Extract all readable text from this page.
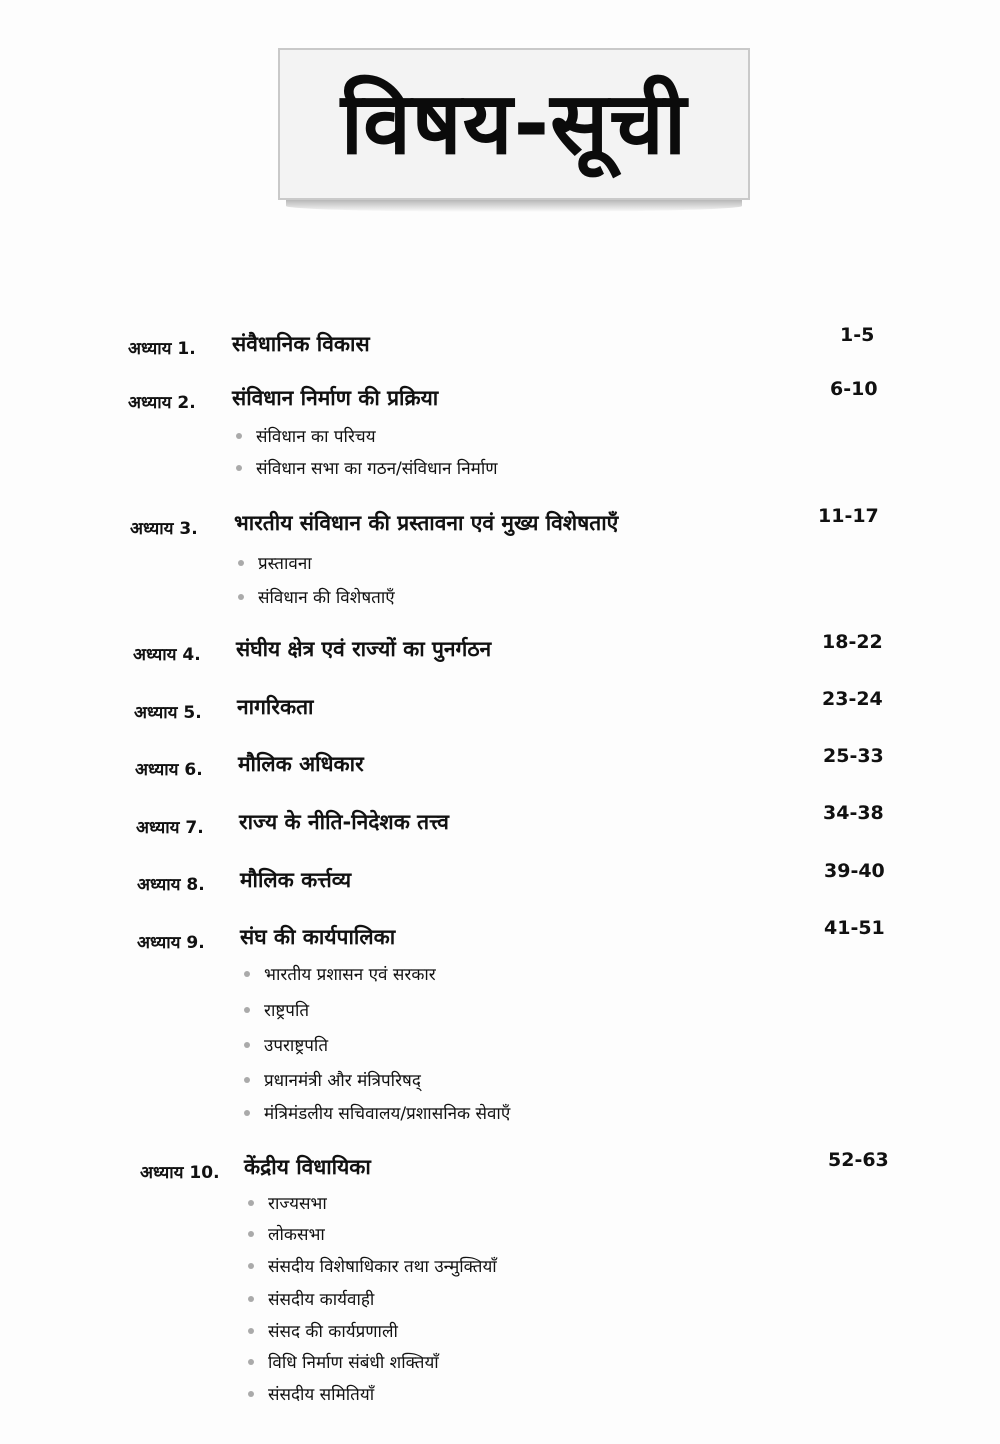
विषय-सूची
अध्याय 1. संवैधानिक विकास	1-5
अध्याय 2. संविधान निर्माण की प्रक्रिया	6-10
संविधान का परिचय
संविधान सभा का गठन/संविधान निर्माण
अध्याय 3. भारतीय संविधान की प्रस्तावना एवं मुख्य विशेषताएँ	11-17
प्रस्तावना
संविधान की विशेषताएँ
अध्याय 4. संघीय क्षेत्र एवं राज्यों का पुनर्गठन	18-22
अध्याय 5. नागरिकता	23-24
अध्याय 6. मौलिक अधिकार	25-33
अध्याय 7. राज्य के नीति-निदेशक तत्त्व	34-38
अध्याय 8. मौलिक कर्त्तव्य	39-40
अध्याय 9. संघ की कार्यपालिका	41-51
भारतीय प्रशासन एवं सरकार
राष्ट्रपति
उपराष्ट्रपति
प्रधानमंत्री और मंत्रिपरिषद्
मंत्रिमंडलीय सचिवालय/प्रशासनिक सेवाएँ
अध्याय 10. केंद्रीय विधायिका	52-63
राज्यसभा
लोकसभा
संसदीय विशेषाधिकार तथा उन्मुक्तियाँ
संसदीय कार्यवाही
संसद की कार्यप्रणाली
विधि निर्माण संबंधी शक्तियाँ
संसदीय समितियाँ
